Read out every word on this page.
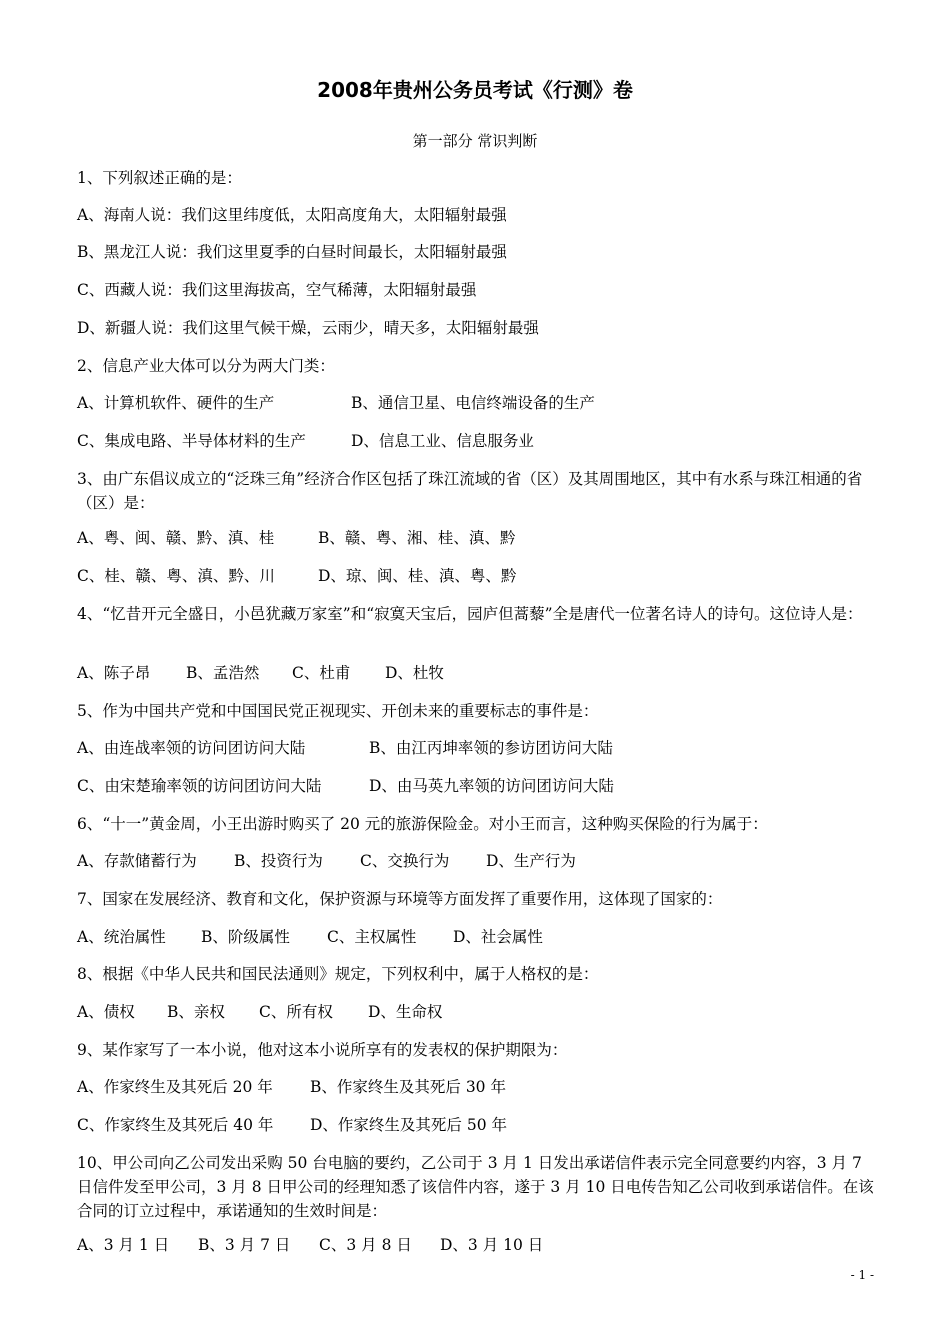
2008年贵州公务员考试《行测》卷
第一部分 常识判断
1、下列叙述正确的是：
A、海南人说：我们这里纬度低，太阳高度角大，太阳辐射最强
B、黑龙江人说：我们这里夏季的白昼时间最长，太阳辐射最强
C、西藏人说：我们这里海拔高，空气稀薄，太阳辐射最强
D、新疆人说：我们这里气候干燥，云雨少，晴天多，太阳辐射最强
2、信息产业大体可以分为两大门类：
A、计算机软件、硬件的生产	B、通信卫星、电信终端设备的生产
C、集成电路、半导体材料的生产	D、信息工业、信息服务业
3、由广东倡议成立的“泛珠三角”经济合作区包括了珠江流域的省（区）及其周围地区，其中有水系与珠江相通的省（区）是：
A、粤、闽、赣、黔、滇、桂	B、赣、粤、湘、桂、滇、黔
C、桂、赣、粤、滇、黔、川	D、琼、闽、桂、滇、粤、黔
4、“忆昔开元全盛日，小邑犹藏万家室”和“寂寞天宝后，园庐但蒿藜”全是唐代一位著名诗人的诗句。这位诗人是：
A、陈子昂 B、孟浩然 C、杜甫 D、杜牧
5、作为中国共产党和中国国民党正视现实、开创未来的重要标志的事件是：
A、由连战率领的访问团访问大陆	B、由江丙坤率领的参访团访问大陆
C、由宋楚瑜率领的访问团访问大陆	D、由马英九率领的访问团访问大陆
6、“十一”黄金周，小王出游时购买了 20 元的旅游保险金。对小王而言，这种购买保险的行为属于：
A、存款储蓄行为 B、投资行为 C、交换行为 D、生产行为
7、国家在发展经济、教育和文化，保护资源与环境等方面发挥了重要作用，这体现了国家的：
A、统治属性 B、阶级属性 C、主权属性 D、社会属性
8、根据《中华人民共和国民法通则》规定，下列权利中，属于人格权的是：
A、债权 B、亲权 C、所有权 D、生命权
9、某作家写了一本小说，他对这本小说所享有的发表权的保护期限为：
A、作家终生及其死后 20 年 B、作家终生及其死后 30 年
C、作家终生及其死后 40 年 D、作家终生及其死后 50 年
10、甲公司向乙公司发出采购 50 台电脑的要约，乙公司于 3 月 1 日发出承诺信件表示完全同意要约内容，3 月 7 日信件发至甲公司，3 月 8 日甲公司的经理知悉了该信件内容，遂于 3 月 10 日电传告知乙公司收到承诺信件。在该合同的订立过程中，承诺通知的生效时间是：
A、3 月 1 日 B、3 月 7 日 C、3 月 8 日 D、3 月 10 日
- 1 -
